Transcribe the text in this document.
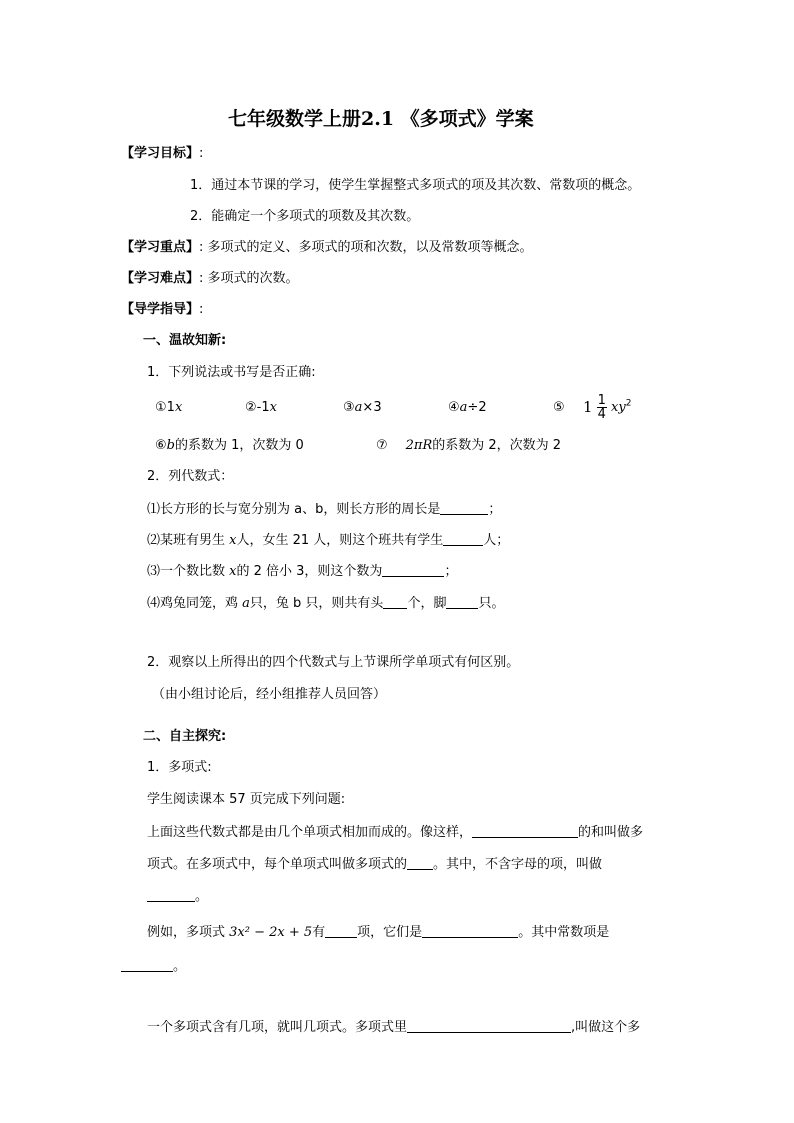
七年级数学上册2.1 《多项式》学案
【学习目标】:
1．通过本节课的学习，使学生掌握整式多项式的项及其次数、常数项的概念。
2．能确定一个多项式的项数及其次数。
【学习重点】: 多项式的定义、多项式的项和次数，以及常数项等概念。
【学习难点】: 多项式的次数。
【导学指导】:
一、温故知新:
1．下列说法或书写是否正确:
①1x	②-1x	③a×3	④a÷2	⑤ $1 \frac{1}{4} xy^2$
⑥b的系数为 1，次数为 0	⑦ 2πR的系数为 2，次数为 2
2．列代数式：
⑴长方形的长与宽分别为 a、b，则长方形的周长是	；
⑵某班有男生 x人，女生 21 人，则这个班共有学生	人；
⑶一个数比数 x的 2 倍小 3，则这个数为	；
⑷鸡兔同笼，鸡 a只，兔 b 只，则共有头 个，脚 只。
2．观察以上所得出的四个代数式与上节课所学单项式有何区别。
（由小组讨论后，经小组推荐人员回答）
二、自主探究:
1．多项式:
学生阅读课本 57 页完成下列问题:
上面这些代数式都是由几个单项式相加而成的。像这样，	的和叫做多
项式。在多项式中，每个单项式叫做多项式的 。其中，不含字母的项，叫做
。
例如，多项式 3x² − 2x + 5有 项，它们是	。其中常数项是
。
一个多项式含有几项，就叫几项式。多项式里	,叫做这个多
